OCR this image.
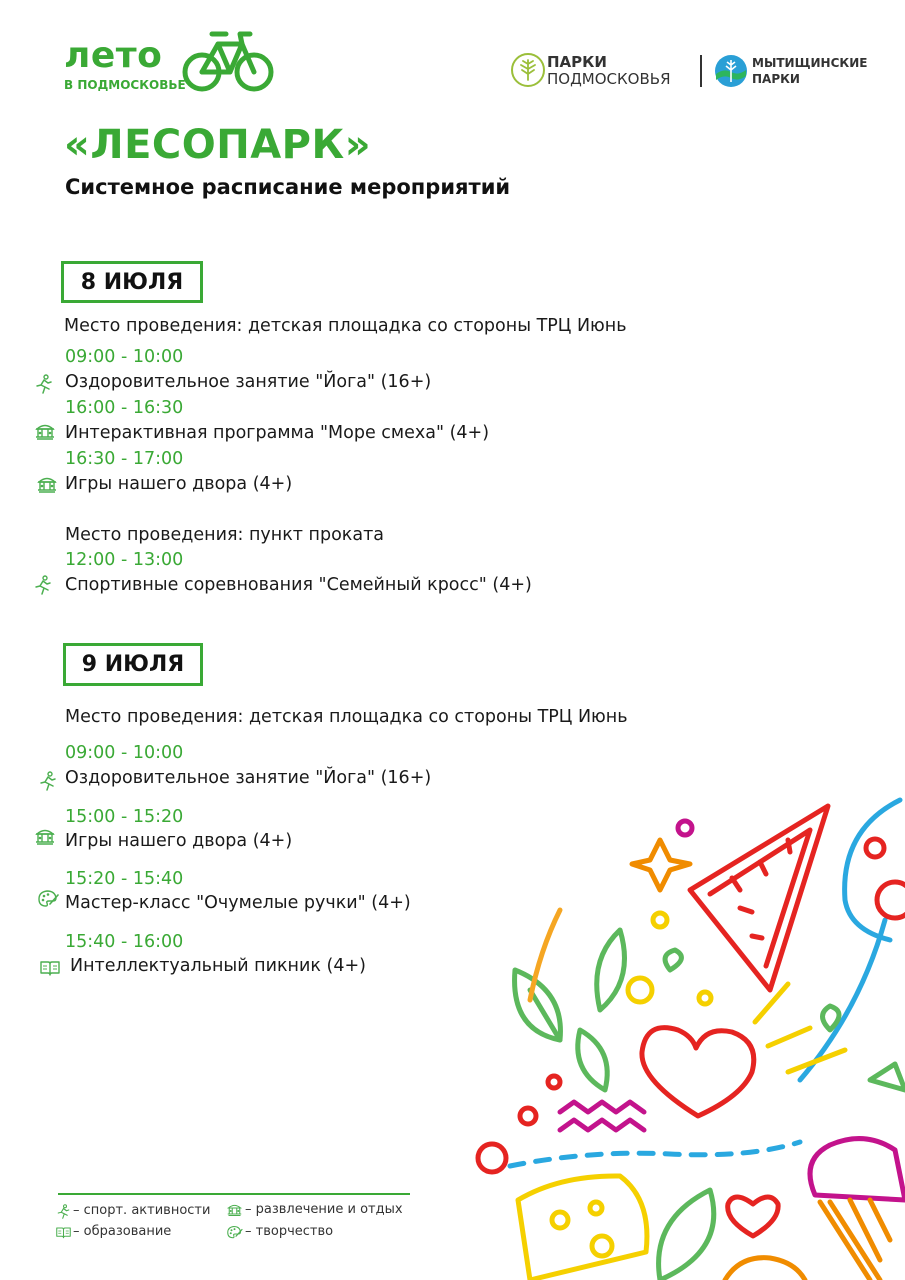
лето
В ПОДМОСКОВЬЕ
ПАРКИ
ПОДМОСКОВЬЯ
МЫТИЩИНСКИЕ
ПАРКИ
«ЛЕСОПАРК»
Системное расписание мероприятий
8 ИЮЛЯ
Место проведения: детская площадка со стороны ТРЦ Июнь
09:00 - 10:00
Оздоровительное занятие "Йога" (16+)
16:00 - 16:30
Интерактивная программа "Море смеха" (4+)
16:30 - 17:00
Игры нашего двора (4+)
Место проведения: пункт проката
12:00 - 13:00
Спортивные соревнования "Семейный кросс" (4+)
9 ИЮЛЯ
Место проведения: детская площадка со стороны ТРЦ Июнь
09:00 - 10:00
Оздоровительное занятие "Йога" (16+)
15:00 - 15:20
Игры нашего двора (4+)
15:20 - 15:40
Мастер-класс "Очумелые ручки" (4+)
15:40 - 16:00
Интеллектуальный пикник (4+)
– спорт. активности	– развлечение и отдых
– образование	– творчество
